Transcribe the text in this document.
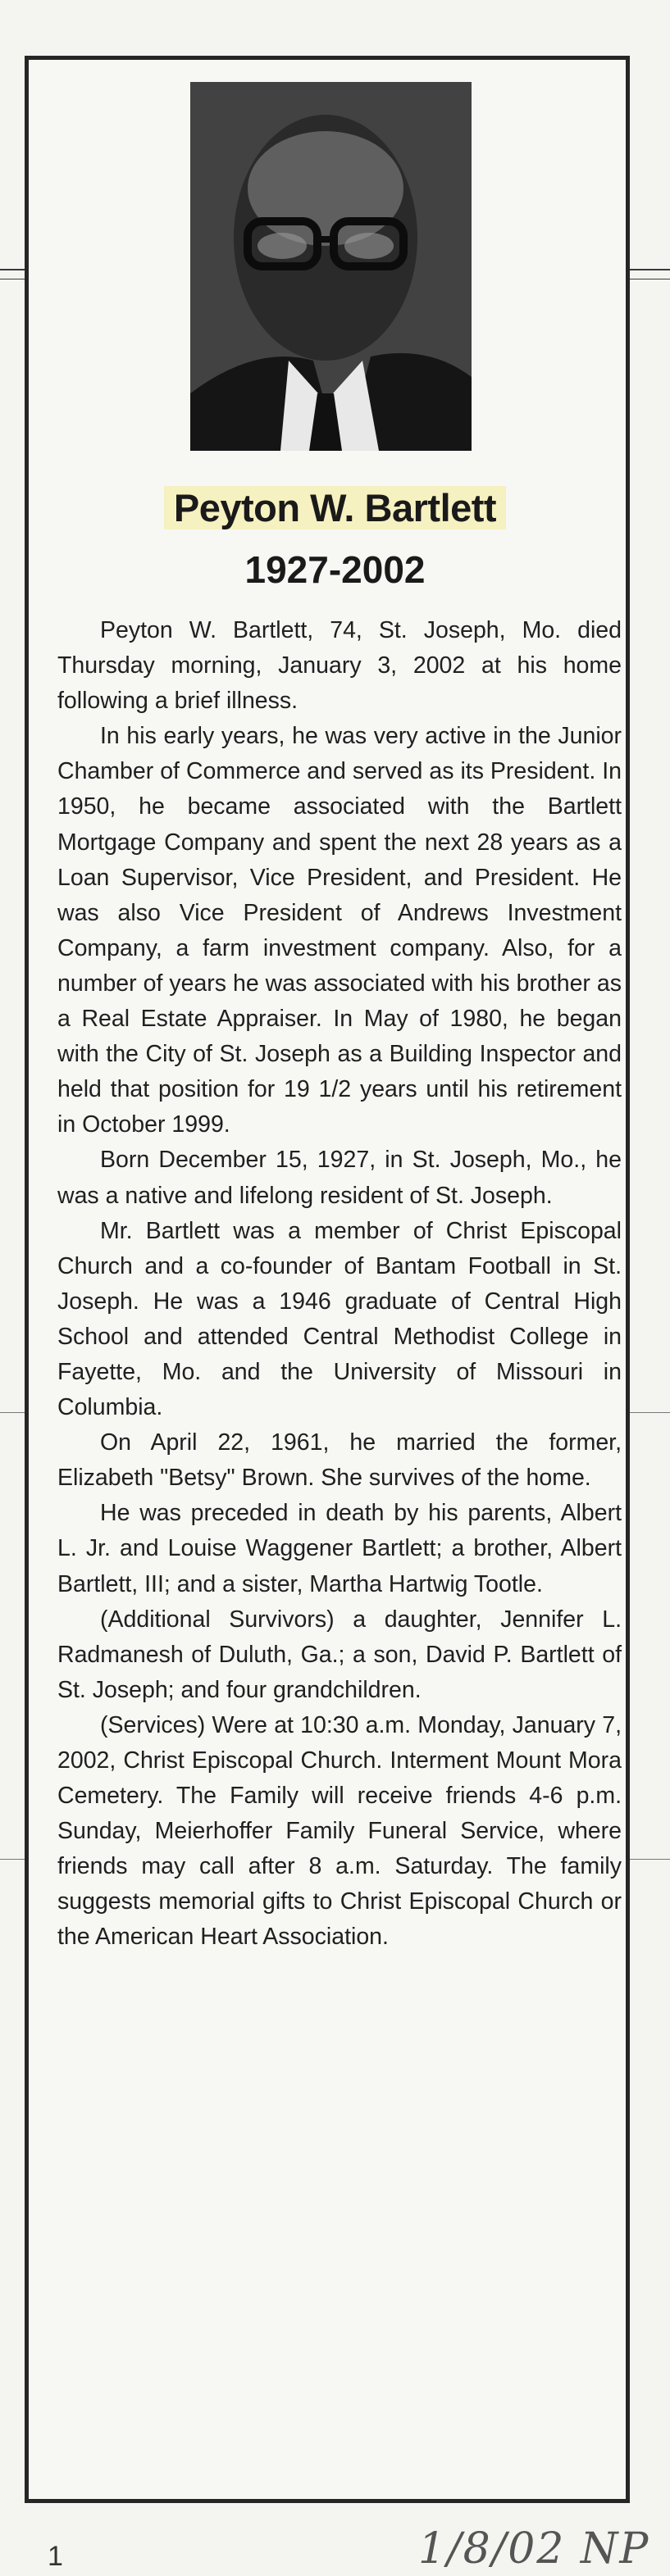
Peyton W. Bartlett
1927-2002

Peyton W. Bartlett, 74, St. Joseph, Mo. died Thursday morning, January 3, 2002 at his home following a brief illness.

In his early years, he was very active in the Junior Chamber of Commerce and served as its President. In 1950, he became associated with the Bartlett Mortgage Company and spent the next 28 years as a Loan Supervisor, Vice President, and President. He was also Vice President of Andrews Investment Company, a farm investment company. Also, for a number of years he was associated with his brother as a Real Estate Appraiser. In May of 1980, he began with the City of St. Joseph as a Building Inspector and held that position for 19 1/2 years until his retirement in October 1999.

Born December 15, 1927, in St. Joseph, Mo., he was a native and lifelong resident of St. Joseph.

Mr. Bartlett was a member of Christ Episcopal Church and a co-founder of Bantam Football in St. Joseph. He was a 1946 graduate of Central High School and attended Central Methodist College in Fayette, Mo. and the University of Missouri in Columbia.

On April 22, 1961, he married the former, Elizabeth "Betsy" Brown. She survives of the home.

He was preceded in death by his parents, Albert L. Jr. and Louise Waggener Bartlett; a brother, Albert Bartlett, III; and a sister, Martha Hartwig Tootle.

(Additional Survivors) a daughter, Jennifer L. Radmanesh of Duluth, Ga.; a son, David P. Bartlett of St. Joseph; and four grandchildren.

(Services) Were at 10:30 a.m. Monday, January 7, 2002, Christ Episcopal Church. Interment Mount Mora Cemetery. The Family will receive friends 4-6 p.m. Sunday, Meierhoffer Family Funeral Service, where friends may call after 8 a.m. Saturday. The family suggests memorial gifts to Christ Episcopal Church or the American Heart Association.

1	1/8/02 NP
